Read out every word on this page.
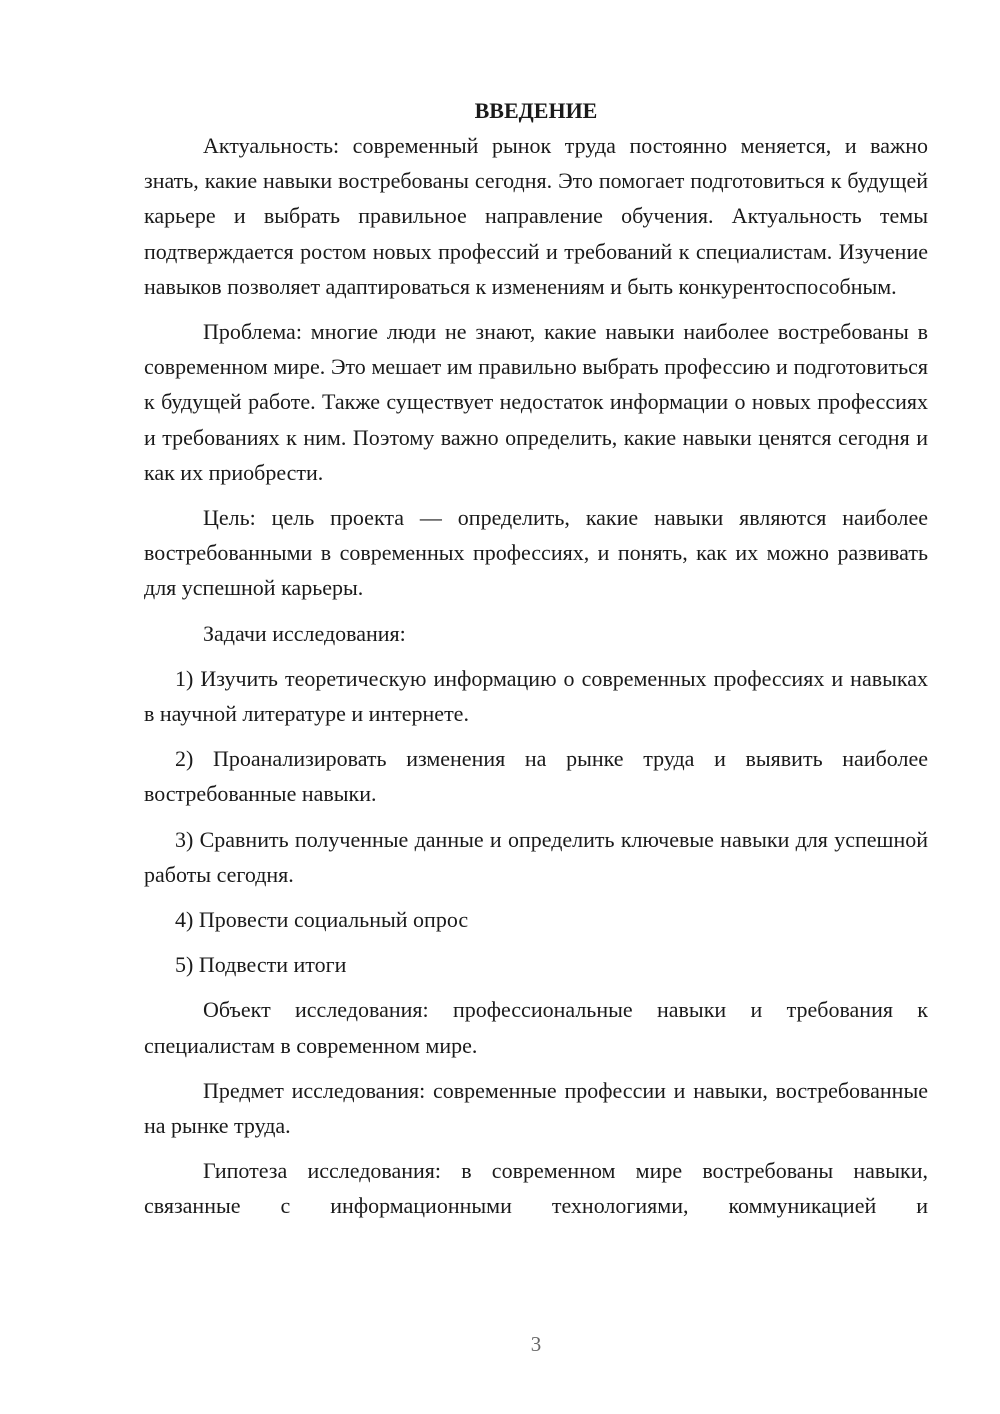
ВВЕДЕНИЕ

Актуальность: современный рынок труда постоянно меняется, и важно знать, какие навыки востребованы сегодня. Это помогает подготовиться к будущей карьере и выбрать правильное направление обучения. Актуальность темы подтверждается ростом новых профессий и требований к специалистам. Изучение навыков позволяет адаптироваться к изменениям и быть конкурентоспособным.

Проблема: многие люди не знают, какие навыки наиболее востребованы в современном мире. Это мешает им правильно выбрать профессию и подготовиться к будущей работе. Также существует недостаток информации о новых профессиях и требованиях к ним. Поэтому важно определить, какие навыки ценятся сегодня и как их приобрести.

Цель: цель проекта — определить, какие навыки являются наиболее востребованными в современных профессиях, и понять, как их можно развивать для успешной карьеры.

Задачи исследования:

1) Изучить теоретическую информацию о современных профессиях и навыках в научной литературе и интернете.

2) Проанализировать изменения на рынке труда и выявить наиболее востребованные навыки.

3) Сравнить полученные данные и определить ключевые навыки для успешной работы сегодня.

4) Провести социальный опрос

5) Подвести итоги

Объект исследования: профессиональные навыки и требования к специалистам в современном мире.

Предмет исследования: современные профессии и навыки, востребованные на рынке труда.

Гипотеза исследования: в современном мире востребованы навыки, связанные с информационными технологиями, коммуникацией и

3
